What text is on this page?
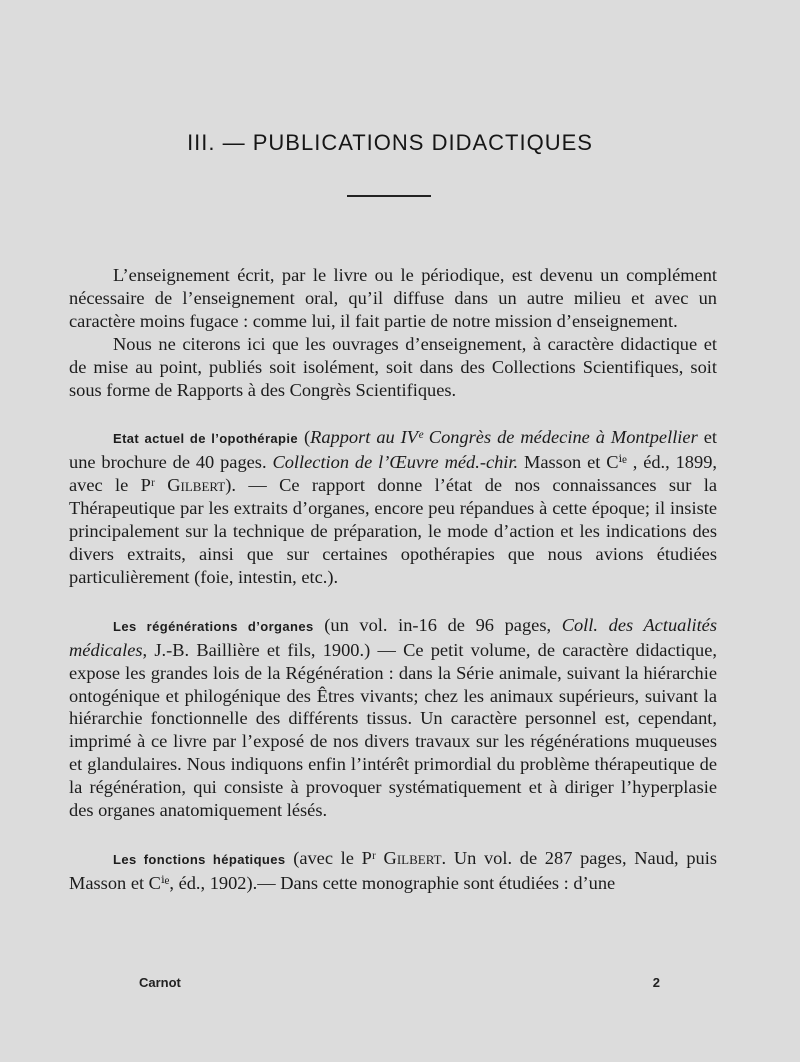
III. — PUBLICATIONS DIDACTIQUES

L’enseignement écrit, par le livre ou le périodique, est devenu un complément nécessaire de l’enseignement oral, qu’il diffuse dans un autre milieu et avec un caractère moins fugace : comme lui, il fait partie de notre mission d’enseignement.

Nous ne citerons ici que les ouvrages d’enseignement, à caractère didactique et de mise au point, publiés soit isolément, soit dans des Collections Scientifiques, soit sous forme de Rapports à des Congrès Scientifiques.

Etat actuel de l’opothérapie (Rapport au IVᵉ Congrès de médecine à Montpellier et une brochure de 40 pages. Collection de l’Œuvre méd.-chir. Masson et Cⁱᵉ , éd., 1899, avec le Pʳ Gilbert). — Ce rapport donne l’état de nos connaissances sur la Thérapeutique par les extraits d’organes, encore peu répandues à cette époque; il insiste principalement sur la technique de préparation, le mode d’action et les indications des divers extraits, ainsi que sur certaines opothérapies que nous avions étudiées particulièrement (foie, intestin, etc.).

Les régénérations d’organes (un vol. in-16 de 96 pages, Coll. des Actualités médicales, J.-B. Baillière et fils, 1900.) — Ce petit volume, de caractère didactique, expose les grandes lois de la Régénération : dans la Série animale, suivant la hiérarchie ontogénique et philogénique des Êtres vivants; chez les animaux supérieurs, suivant la hiérarchie fonctionnelle des différents tissus. Un caractère personnel est, cependant, imprimé à ce livre par l’exposé de nos divers travaux sur les régénérations muqueuses et glandulaires. Nous indiquons enfin l’intérêt primordial du problème thérapeutique de la régénération, qui consiste à provoquer systématiquement et à diriger l’hyperplasie des organes anatomiquement lésés.

Les fonctions hépatiques (avec le Pʳ Gilbert. Un vol. de 287 pages, Naud, puis Masson et Cⁱᵉ, éd., 1902).— Dans cette monographie sont étudiées : d’une

Carnot	2
